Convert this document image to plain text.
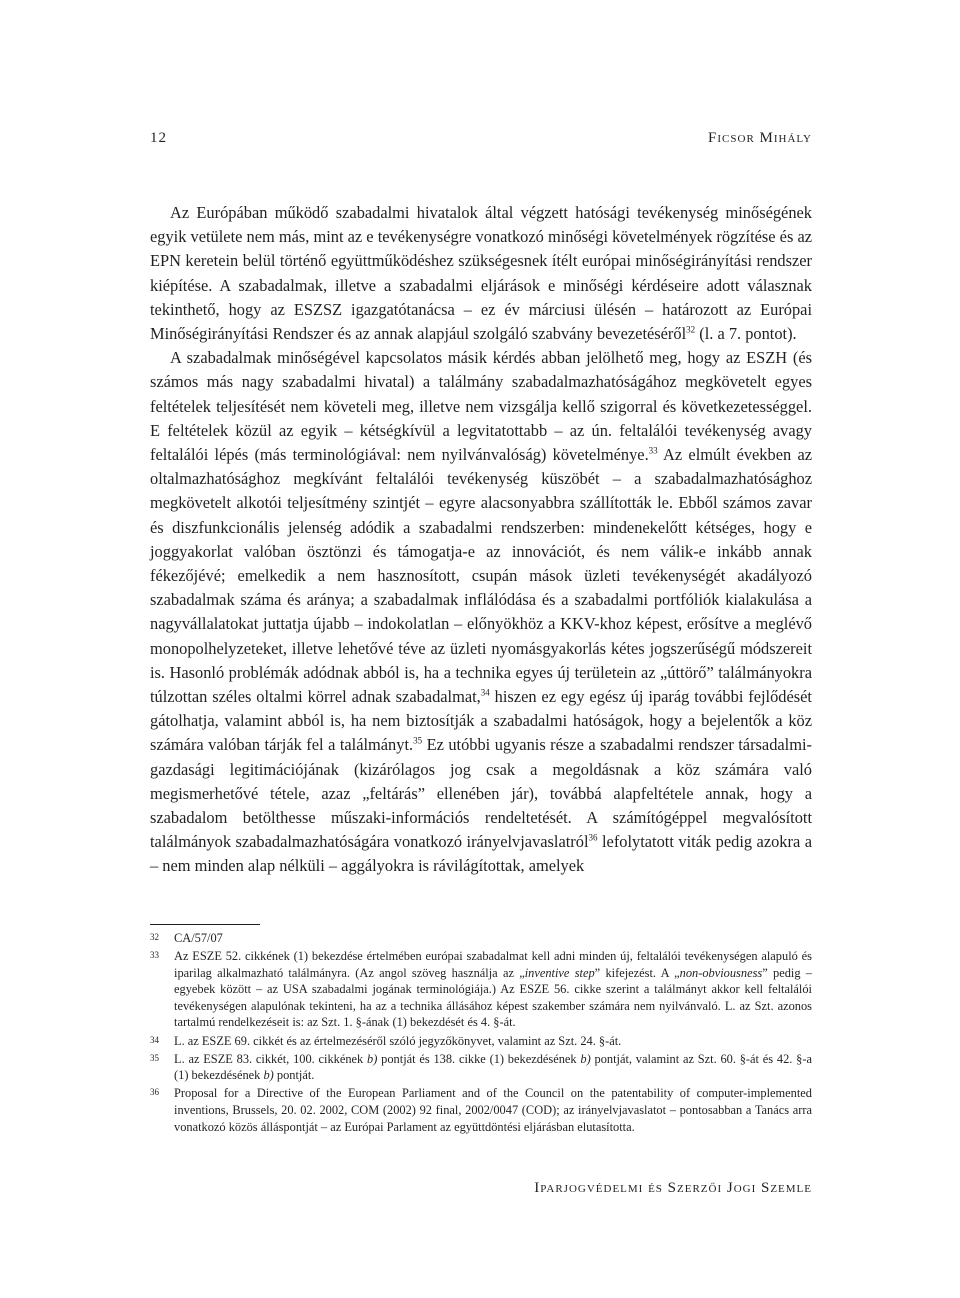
12	Ficsor Mihály

Az Európában működő szabadalmi hivatalok által végzett hatósági tevékenység minőségének egyik vetülete nem más, mint az e tevékenységre vonatkozó minőségi követelmények rögzítése és az EPN keretein belül történő együttműködéshez szükségesnek ítélt európai minőségirányítási rendszer kiépítése. A szabadalmak, illetve a szabadalmi eljárások e minőségi kérdéseire adott válasznak tekinthető, hogy az ESZSZ igazgatótanácsa – ez év márciusi ülésén – határozott az Európai Minőségirányítási Rendszer és az annak alapjául szolgáló szabvány bevezetéséről$^{32}$ (l. a 7. pontot).

A szabadalmak minőségével kapcsolatos másik kérdés abban jelölhető meg, hogy az ESZH (és számos más nagy szabadalmi hivatal) a találmány szabadalmazhatóságához megkövetelt egyes feltételek teljesítését nem követeli meg, illetve nem vizsgálja kellő szigorral és következetességgel. E feltételek közül az egyik – kétségkívül a legvitatottabb – az ún. feltalálói tevékenység avagy feltalálói lépés (más terminológiával: nem nyilvánvalóság) követelménye.$^{33}$ Az elmúlt években az oltalmazhatósághoz megkívánt feltalálói tevékenység küszöbét – a szabadalmazhatósághoz megkövetelt alkotói teljesítmény szintjét – egyre alacsonyabbra szállították le. Ebből számos zavar és diszfunkcionális jelenség adódik a szabadalmi rendszerben: mindenekelőtt kétséges, hogy e joggyakorlat valóban ösztönzi és támogatja-e az innovációt, és nem válik-e inkább annak fékezőjévé; emelkedik a nem hasznosított, csupán mások üzleti tevékenységét akadályozó szabadalmak száma és aránya; a szabadalmak inflálódása és a szabadalmi portfóliók kialakulása a nagyvállalatokat juttatja újabb – indokolatlan – előnyökhöz a KKV-khoz képest, erősítve a meglévő monopolhelyzeteket, illetve lehetővé téve az üzleti nyomásgyakorlás kétes jogszerűségű módszereit is. Hasonló problémák adódnak abból is, ha a technika egyes új területein az „úttörő” találmányokra túlzottan széles oltalmi körrel adnak szabadalmat,$^{34}$ hiszen ez egy egész új iparág további fejlődését gátolhatja, valamint abból is, ha nem biztosítják a szabadalmi hatóságok, hogy a bejelentők a köz számára valóban tárják fel a találmányt.$^{35}$ Ez utóbbi ugyanis része a szabadalmi rendszer társadalmi-gazdasági legitimációjának (kizárólagos jog csak a megoldásnak a köz számára való megismerhetővé tétele, azaz „feltárás” ellenében jár), továbbá alapfeltétele annak, hogy a szabadalom betölthesse műszaki-információs rendeltetését. A számítógéppel megvalósított találmányok szabadalmazhatóságára vonatkozó irányelvjavaslatról$^{36}$ lefolytatott viták pedig azokra a – nem minden alap nélküli – aggályokra is rávilágítottak, amelyek

32 CA/57/07
33 Az ESZE 52. cikkének (1) bekezdése értelmében európai szabadalmat kell adni minden új, feltalálói tevékenységen alapuló és iparilag alkalmazható találmányra. (Az angol szöveg használja az „inventive step” kifejezést. A „non-obviousness” pedig – egyebek között – az USA szabadalmi jogának terminológiája.) Az ESZE 56. cikke szerint a találmányt akkor kell feltalálói tevékenységen alapulónak tekinteni, ha az a technika állásához képest szakember számára nem nyilvánvaló. L. az Szt. azonos tartalmú rendelkezéseit is: az Szt. 1. §-ának (1) bekezdését és 4. §-át.
34 L. az ESZE 69. cikkét és az értelmezéséről szóló jegyzőkönyvet, valamint az Szt. 24. §-át.
35 L. az ESZE 83. cikkét, 100. cikkének b) pontját és 138. cikke (1) bekezdésének b) pontját, valamint az Szt. 60. §-át és 42. §-a (1) bekezdésének b) pontját.
36 Proposal for a Directive of the European Parliament and of the Council on the patentability of computer-implemented inventions, Brussels, 20. 02. 2002, COM (2002) 92 final, 2002/0047 (COD); az irányelvjavaslatot – pontosabban a Tanács arra vonatkozó közös álláspontját – az Európai Parlament az együttdöntési eljárásban elutasította.
Iparjogvédelmi és Szerzői Jogi Szemle
